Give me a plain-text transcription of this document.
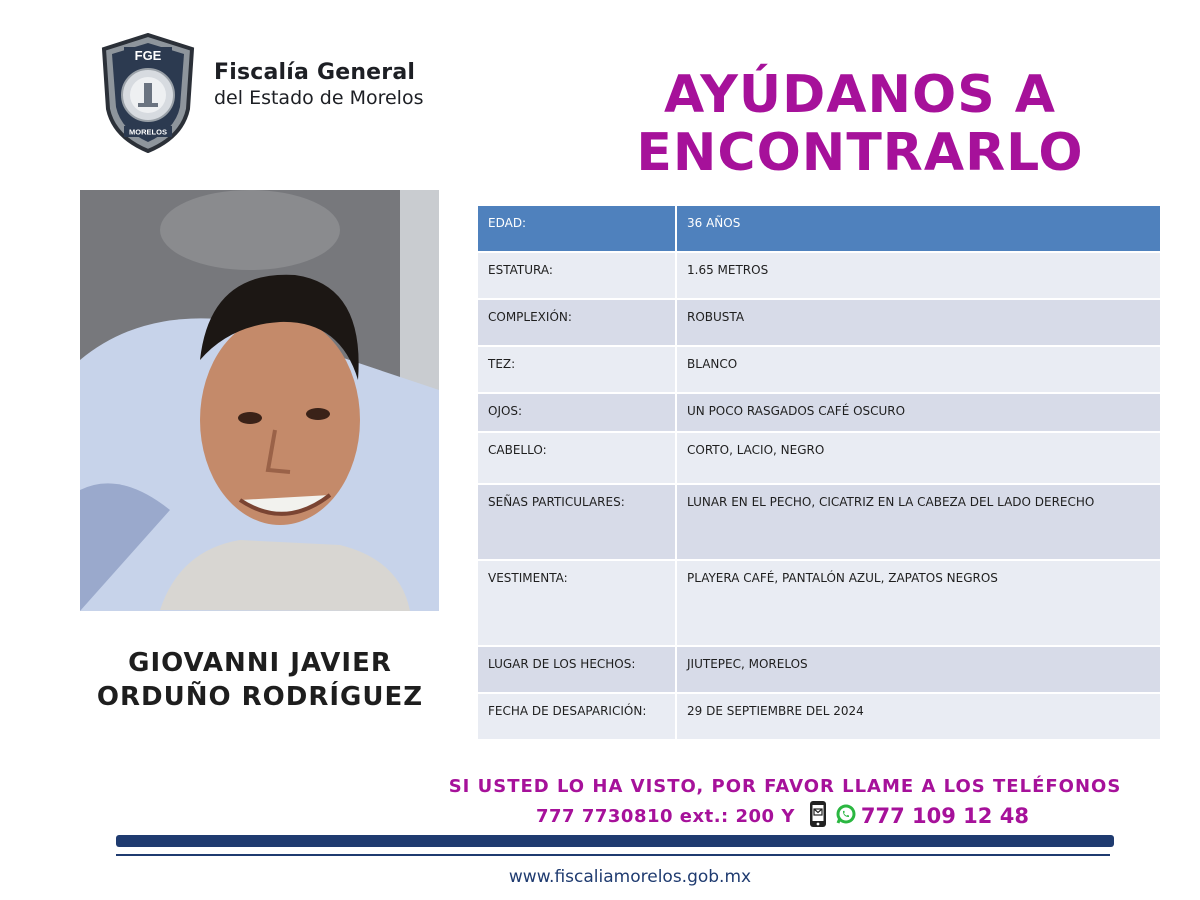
FGE
MORELOS
Fiscalía General
del Estado de Morelos	AYÚDANOS A
ENCONTRARLO
GIOVANNI JAVIER
ORDUÑO RODRÍGUEZ
EDAD:	36 AÑOS
ESTATURA:	1.65 METROS
COMPLEXIÓN:	ROBUSTA
TEZ:	BLANCO
OJOS:	UN POCO RASGADOS CAFÉ OSCURO
CABELLO:	CORTO, LACIO, NEGRO
SEÑAS PARTICULARES:	LUNAR EN EL PECHO, CICATRIZ EN LA CABEZA DEL LADO DERECHO
VESTIMENTA:	PLAYERA CAFÉ, PANTALÓN AZUL, ZAPATOS NEGROS
LUGAR DE LOS HECHOS:	JIUTEPEC, MORELOS
FECHA DE DESAPARICIÓN:	29 DE SEPTIEMBRE DEL 2024
SI USTED LO HA VISTO, POR FAVOR LLAME A LOS TELÉFONOS
777 7730810 ext.: 200 Y	777 109 12 48
www.fiscaliamorelos.gob.mx
